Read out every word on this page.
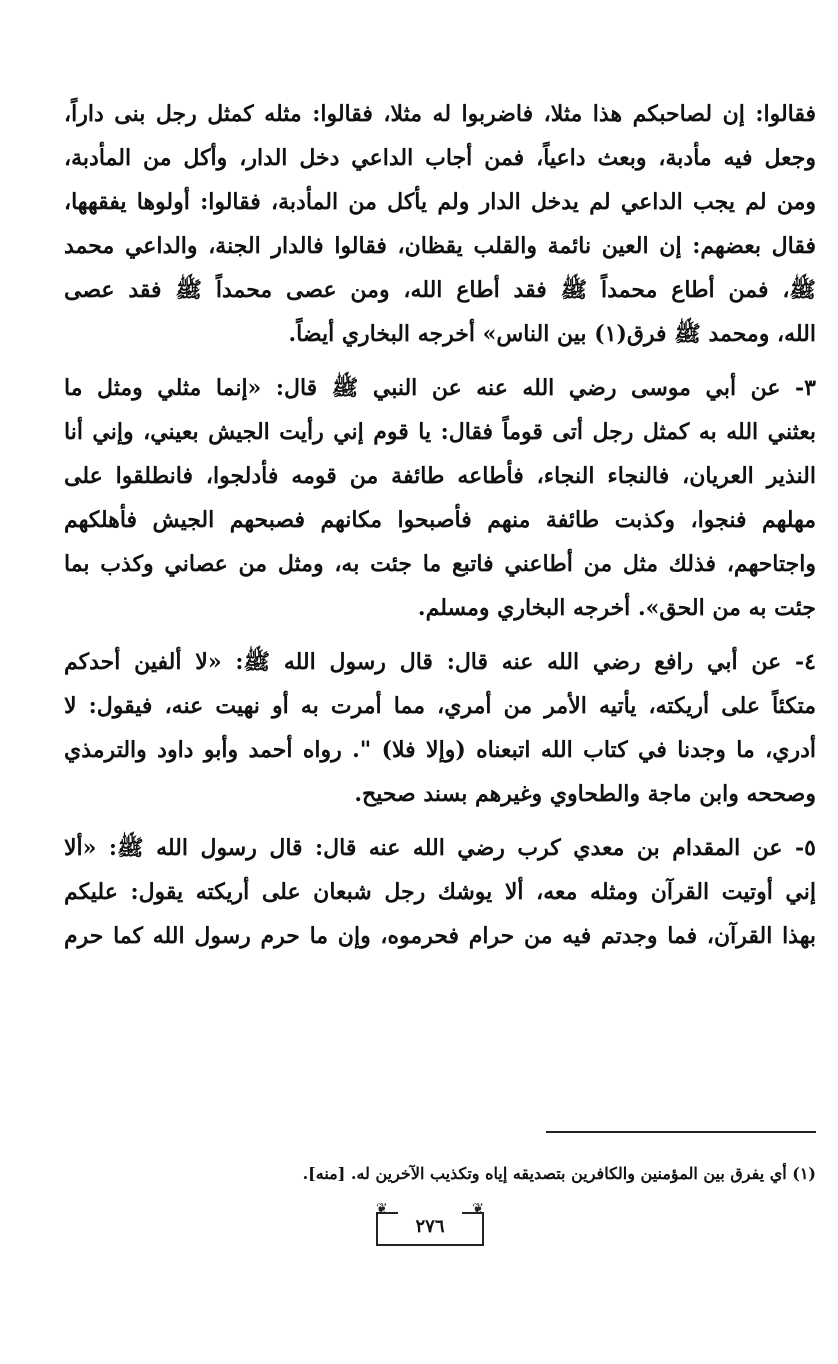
فقالوا: إن لصاحبكم هذا مثلا، فاضربوا له مثلا، فقالوا: مثله كمثل رجل بنى داراً،
وجعل فيه مأدبة، وبعث داعياً، فمن أجاب الداعي دخل الدار، وأكل من المأدبة،
ومن لم يجب الداعي لم يدخل الدار ولم يأكل من المأدبة، فقالوا: أولوها يفقهها،
فقال بعضهم: إن العين نائمة والقلب يقظان، فقالوا فالدار الجنة، والداعي محمد
ﷺ، فمن أطاع محمداً ﷺ فقد أطاع الله، ومن عصى محمداً ﷺ فقد عصى
الله، ومحمد ﷺ فرق(١) بين الناس» أخرجه البخاري أيضاً.

٣- عن أبي موسى رضي الله عنه عن النبي ﷺ قال: «إنما مثلي ومثل ما
بعثني الله به كمثل رجل أتى قوماً فقال: يا قوم إني رأيت الجيش بعيني، وإني أنا
النذير العريان، فالنجاء النجاء، فأطاعه طائفة من قومه فأدلجوا، فانطلقوا على
مهلهم فنجوا، وكذبت طائفة منهم فأصبحوا مكانهم فصبحهم الجيش فأهلكهم
واجتاحهم، فذلك مثل من أطاعني فاتبع ما جئت به، ومثل من عصاني وكذب بما
جئت به من الحق». أخرجه البخاري ومسلم.

٤- عن أبي رافع رضي الله عنه قال: قال رسول الله ﷺ: «لا ألفين أحدكم
متكئاً على أريكته، يأتيه الأمر من أمري، مما أمرت به أو نهيت عنه، فيقول: لا
أدري، ما وجدنا في كتاب الله اتبعناه (وإلا فلا) ". رواه أحمد وأبو داود والترمذي
وصححه وابن ماجة والطحاوي وغيرهم بسند صحيح.

٥- عن المقدام بن معدي كرب رضي الله عنه قال: قال رسول الله ﷺ: «ألا
إني أوتيت القرآن ومثله معه، ألا يوشك رجل شبعان على أريكته يقول: عليكم
بهذا القرآن، فما وجدتم فيه من حرام فحرموه، وإن ما حرم رسول الله كما حرم

(١) أي يفرق بين المؤمنين والكافرين بتصديقه إياه وتكذيب الآخرين له. [منه].
❦	❦
٢٧٦
